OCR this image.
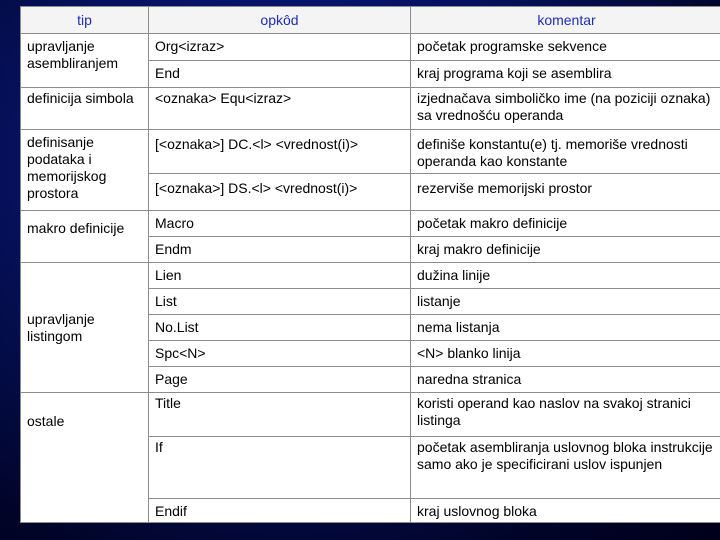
tip	opkôd	komentar
upravljanje asembliranjem	Org<izraz>	početak programske sekvence
	End	kraj programa koji se asemblira
definicija simbola	<oznaka> Equ<izraz>	izjednačava simboličko ime (na poziciji oznaka) sa vrednošću operanda
definisanje podataka i memorijskog prostora	[<oznaka>] DC.<l> <vrednost(i)>	definiše konstantu(e) tj. memoriše vrednosti operanda kao konstante
	[<oznaka>] DS.<l> <vrednost(i)>	rezerviše memorijski prostor
makro definicije	Macro	početak makro definicije
	Endm	kraj makro definicije
upravljanje listingom	Lien	dužina linije
	List	listanje
	No.List	nema listanja
	Spc<N>	<N> blanko linija
	Page	naredna stranica
ostale	Title	koristi operand kao naslov na svakoj stranici listinga
	If	početak asembliranja uslovnog bloka instrukcije samo ako je specificirani uslov ispunjen
	Endif	kraj uslovnog bloka
